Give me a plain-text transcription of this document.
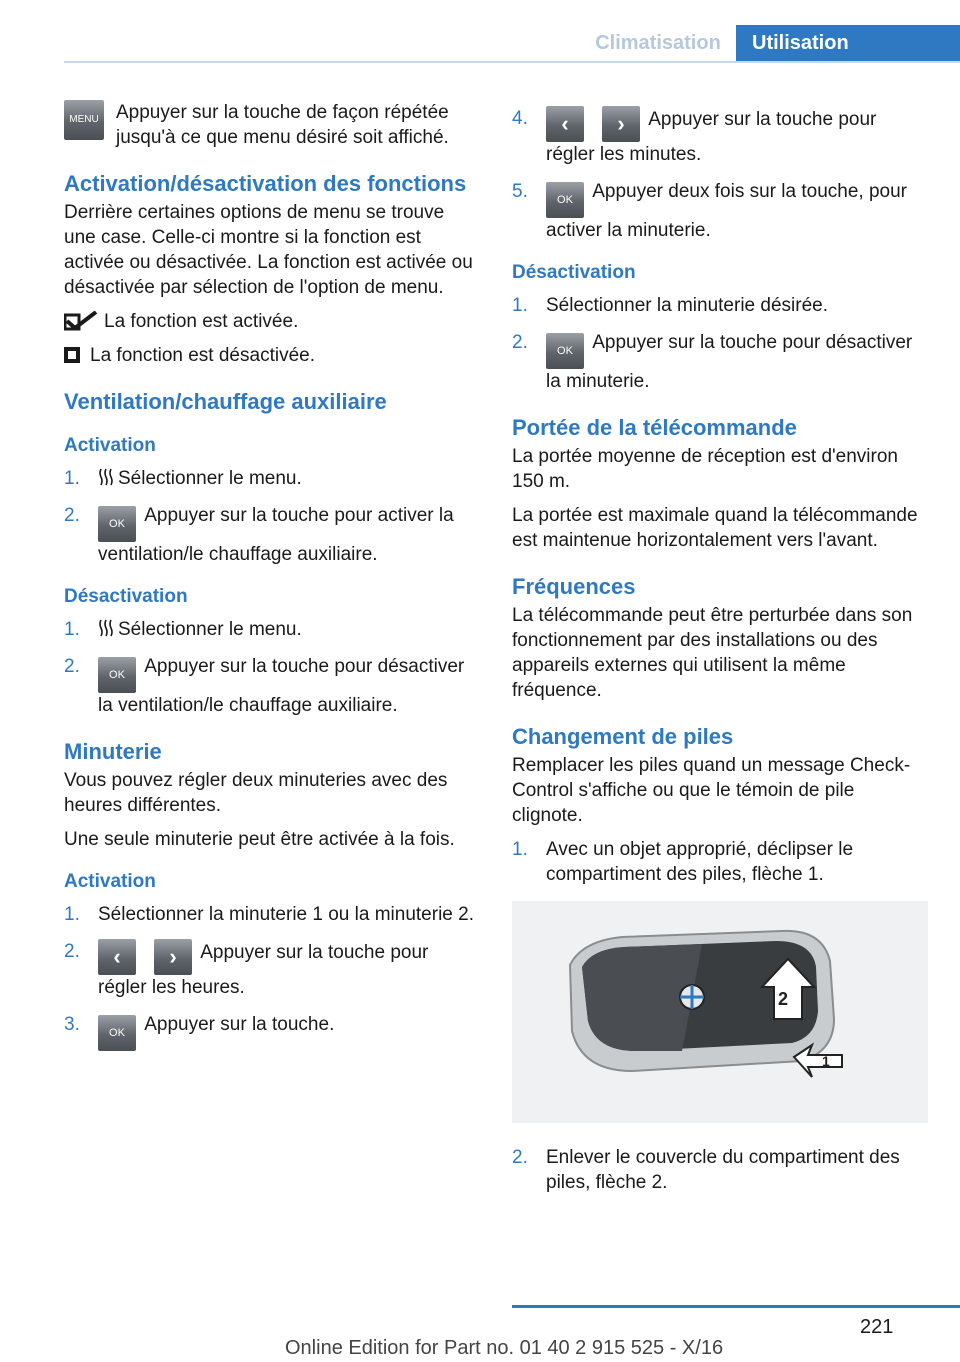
Climatisation	Utilisation
MENU Appuyer sur la touche de façon répétée jusqu'à ce que menu désiré soit affiché.
Activation/désactivation des fonctions

Derrière certaines options de menu se trouve une case. Celle-ci montre si la fonction est activée ou désactivée. La fonction est activée ou désactivée par sélection de l'option de menu.

La fonction est activée.

La fonction est désactivée.

Ventilation/chauffage auxiliaire
Activation
1.	Sélectionner le menu.
2.	OK Appuyer sur la touche pour activer la ventilation/le chauffage auxiliaire.
Désactivation
1.	Sélectionner le menu.
2.	OK Appuyer sur la touche pour désactiver la ventilation/le chauffage auxiliaire.
Minuterie

Vous pouvez régler deux minuteries avec des heures différentes.

Une seule minuterie peut être activée à la fois.

Activation
1. Sélectionner la minuterie 1 ou la minuterie 2.
2.	‹ › Appuyer sur la touche pour régler les heures.
3.	OK Appuyer sur la touche.
4.	‹ › Appuyer sur la touche pour régler les minutes.
5.	OK Appuyer deux fois sur la touche, pour activer la minuterie.
Désactivation
1. Sélectionner la minuterie désirée.
2.	OK Appuyer sur la touche pour désactiver la minuterie.
Portée de la télécommande

La portée moyenne de réception est d'environ 150 m.

La portée est maximale quand la télécommande est maintenue horizontalement vers l'avant.

Fréquences

La télécommande peut être perturbée dans son fonctionnement par des installations ou des appareils externes qui utilisent la même fréquence.

Changement de piles

Remplacer les piles quand un message Check-Control s'affiche ou que le témoin de pile clignote.

1. Avec un objet approprié, déclipser le compartiment des piles, flèche 1.
2
1
2. Enlever le couvercle du compartiment des piles, flèche 2.
221
Online Edition for Part no. 01 40 2 915 525 - X/16
